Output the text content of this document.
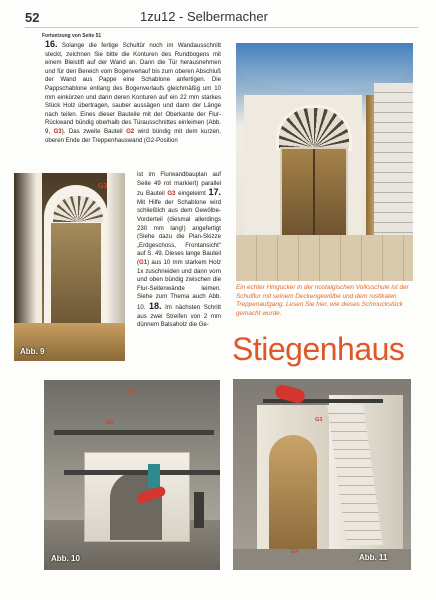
52	1zu12 - Selbermacher
Fortsetzung von Seite 51
16. Solange die fertige Schultür noch im Wandausschnitt steckt, zeichnen Sie bitte die Konturen des Rundbogens mit einem Bleistift auf der Wand an. Dann die Tür herausnehmen und für den Bereich vom Bogenverlauf bis zum oberen Abschluß der Wand aus Pappe eine Schablone anfertigen. Die Pappschablone entlang des Bogenverlaufs gleichmäßig um 10 mm einkürzen und dann deren Konturen auf ein 22 mm starkes Stück Holz übertragen, sauber aussägen und dann der Länge nach teilen. Eines dieser Bauteile mit der Oberkante der Flur-Rückwand bündig oberhalb des Türausschnittes einleimen (Abb. 9, G3). Das zweite Bauteil G2 wird bündig mit dem kurzen, oberen Ende der Treppenhauswand (G2-Position
ist im Flurwandbauplan auf Seite 49 rot markiert) parallel zu Bauteil G3 eingeleimt 17. Mit Hilfe der Schablone wird schließlich aus dem Gewölbe-Vorderteil (diesmal allerdings 230 mm lang!) angefertigt (Siehe dazu die Plan-Skizze „Erdgeschoss, Frontansicht" auf S. 49. Dieses lange Bauteil (G1) aus 10 mm starkem Holz 1x zuschneiden und dann vorn und oben bündig zwischen die Flur-Seitenwände leimen. Siehe zum Thema auch Abb. 10. 18. Im nächsten Schritt aus zwei Streifen von 2 mm dünnem Balsaholz die Ge-
G3
Abb. 9
Ein echter Hingucker in der nostalgischen Volksschule ist der Schulflur mit seinem Deckengewölbe und dem rustikalen Treppenaufgang. Lesen Sie hier, wie dieses Schmuckstück gemacht wurde.
Stiegenhaus
G1
G2
Abb. 10
G3
G4
Abb. 11
